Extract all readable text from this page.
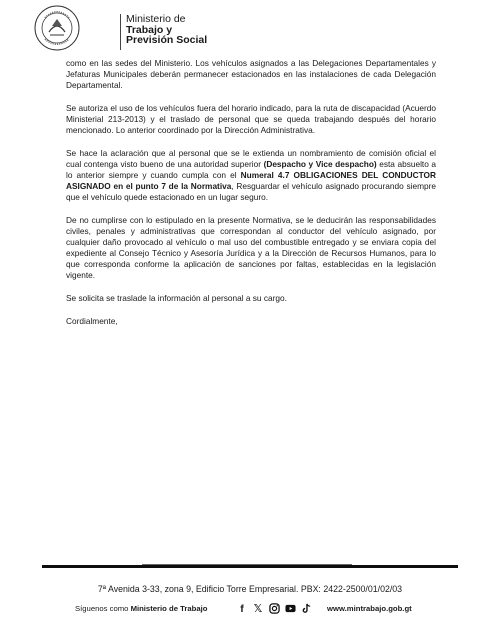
Ministerio de
Trabajo y
Previsión Social

como en las sedes del Ministerio. Los vehículos asignados a las Delegaciones Departamentales y Jefaturas Municipales deberán permanecer estacionados en las instalaciones de cada Delegación Departamental.

Se autoriza el uso de los vehículos fuera del horario indicado, para la ruta de discapacidad (Acuerdo Ministerial 213-2013) y el traslado de personal que se queda trabajando después del horario mencionado. Lo anterior coordinado por la Dirección Administrativa.

Se hace la aclaración que al personal que se le extienda un nombramiento de comisión oficial el cual contenga visto bueno de una autoridad superior (Despacho y Vice despacho) esta absuelto a lo anterior siempre y cuando cumpla con el Numeral 4.7 OBLIGACIONES DEL CONDUCTOR ASIGNADO en el punto 7 de la Normativa, Resguardar el vehículo asignado procurando siempre que el vehículo quede estacionado en un lugar seguro.

De no cumplirse con lo estipulado en la presente Normativa, se le deducirán las responsabilidades civiles, penales y administrativas que correspondan al conductor del vehículo asignado, por cualquier daño provocado al vehículo o mal uso del combustible entregado y se enviara copia del expediente al Consejo Técnico y Asesoría Jurídica y a la Dirección de Recursos Humanos, para lo que corresponda conforme la aplicación de sanciones por faltas, establecidas en la legislación vigente.

Se solicita se traslade la información al personal a su cargo.

Cordialmente,

7ª Avenida 3-33, zona 9, Edificio Torre Empresarial. PBX: 2422-2500/01/02/03
Síguenos como Ministerio de Trabajo	f 𝕏	www.mintrabajo.gob.gt
